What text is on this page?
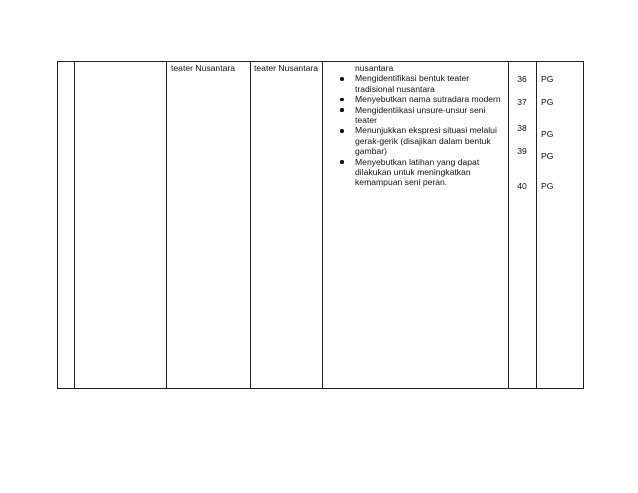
teater Nusantara teater Nusantara	nusantara
Mengidentifikasi bentuk teater tradisional nusantara
Menyebutkan nama sutradara modern
Mengidentiikasi unsure-unsur seni teater
Menunjukkan ekspresi situasi melalui gerak-gerik (disajikan dalam bentuk gambar)
Menyebutkan latihan yang dapat dilakukan untuk meningkatkan kemampuan seni peran.
36
37
38
39
40
PG
PG
PG
PG
PG
